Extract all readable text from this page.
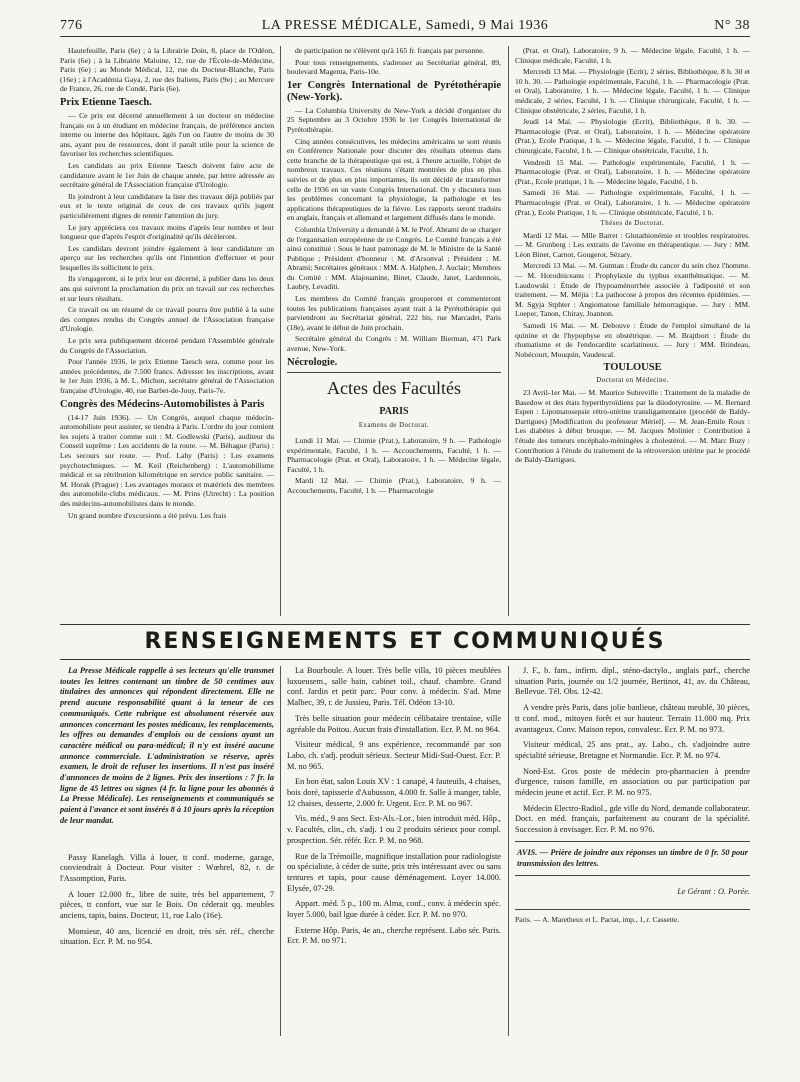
776	LA PRESSE MÉDICALE, Samedi, 9 Mai 1936	N° 38

Hautefeuille, Paris (6e) ; à la Librairie Doin, 8, place de l'Odéon, Paris (6e) ; à la Librairie Maloine, 12, rue de l'École-de-Médecine, Paris (6e) ; au Monde Médical, 12, rue du Docteur-Blanche, Paris (16e) ; à l'Académia Gaya, 2, rue des Italiens, Paris (9e) ; au Mercure de France, 26, rue de Condé, Paris (6e).

Prix Etienne Taesch.

— Ce prix est décerné annuellement à un docteur en médecine français ou à un étudiant en médecine français, de préférence ancien interne ou interne des hôpitaux, âgés l'un ou l'autre de moins de 30 ans, ayant peu de ressources, dont il paraît utile pour la science de favoriser les recherches scientifiques.

Les candidats au prix Etienne Taesch doivent faire acte de candidature avant le 1er Juin de chaque année, par lettre adressée au secrétaire général de l'Association française d'Urologie.

Ils joindront à leur candidature la liste des travaux déjà publiés par eux et le texte original de ceux de ces travaux qu'ils jugent particulièrement dignes de retenir l'attention du jury.

Le jury appréciera ces travaux moins d'après leur nombre et leur longueur que d'après l'esprit d'originalité qu'ils décèleront.

Les candidats devront joindre également à leur candidature un aperçu sur les recherches qu'ils ont l'intention d'effectuer et pour lesquelles ils sollicitent le prix.

Ils s'engageront, si le prix leur est décerné, à publier dans les deux ans qui suivront la proclamation du prix un travail sur ces recherches et sur leurs résultats.

Ce travail ou un résumé de ce travail pourra être publié à la suite des comptes rendus du Congrès annuel de l'Association française d'Urologie.

Le prix sera publiquement décerné pendant l'Assemblée générale du Congrès de l'Association.

Pour l'année 1936, le prix Etienne Taesch sera, comme pour les années précédentes, de 7.500 francs. Adresser les inscriptions, avant le 1er Juin 1936, à M. L. Michon, secrétaire général de l'Association française d'Urologie, 40, rue Barbet-de-Jouy, Paris-7e.

Congrès des Médecins-Automobilistes à Paris

(14-17 Juin 1936). — Un Congrès, auquel chaque médecin-automobiliste peut assister, se tiendra à Paris. L'ordre du jour contient les sujets à traiter comme suit : M. Godlewski (Paris), auditeur du Conseil suprême : Les accidents de la route. — M. Béhague (Paris) : Les secours sur route. — Prof. Lahy (Paris) : Les examens psychotechniques. — M. Keil (Reichenberg) : L'automobilisme médical et sa rétribution kilométrique en service public sanitaire. — M. Horak (Prague) : Les avantages moraux et matériels des membres des automobile-clubs médicaux. — M. Prins (Utrecht) : La position des médecins-automobilistes dans le monde.

Un grand nombre d'excursions a été prévu. Les frais

de participation ne s'élèvent qu'à 165 fr. français par personne.

Pour tous renseignements, s'adresser au Secrétariat général, 89, boulevard Magenta, Paris-10e.

1er Congrès International de Pyrétothérapie (New-York).

— La Columbia University de New-York a décidé d'organiser du 25 Septembre au 3 Octobre 1936 le 1er Congrès International de Pyrétothérapie.

Cinq années consécutives, les médecins américains se sont réunis en Conférence Nationale pour discuter des résultats obtenus dans cette branche de la thérapeutique qui est, à l'heure actuelle, l'objet de nombreux travaux. Ces réunions s'étant montrées de plus en plus suivies et de plus en plus importantes, ils ont décidé de transformer celle de 1936 en un vaste Congrès International. On y discutera tous les problèmes concernant la physiologie, la pathologie et les applications thérapeutiques de la fièvre. Les rapports seront traduits en anglais, français et allemand et largement diffusés dans le monde.

Columbia University a demandé à M. le Prof. Abrami de se charger de l'organisation européenne de ce Congrès. Le Comité français a été ainsi constitué : Sous le haut patronage de M. le Ministre de la Santé Publique ; Président d'honneur : M. d'Arsonval ; Président : M. Abrami; Secrétaires généraux : MM. A. Halphen, J. Auclair; Membres du Comité : MM. Alajouanine, Binet, Claude, Janet, Lardennois, Laubry, Levaditi.

Les membres du Comité français grouperont et commenteront toutes les publications françaises ayant trait à la Pyrétothérapie qui parviendront au Secrétariat général, 222 bis, rue Marcadet, Paris (18e), avant le début de Juin prochain.

Secrétaire général du Congrès : M. William Bierman, 471 Park avenue, New-York.

Nécrologie.

Actes des Facultés
PARIS
Examens de Doctorat.

Lundi 11 Mai. — Chimie (Prat.), Laboratoire, 9 h. — Pathologie expérimentale, Faculté, 1 h. — Accouchements, Faculté, 1 h. — Pharmacologie (Prat. et Oral), Laboratoire, 1 h. — Médecine légale, Faculté, 1 h.

Mardi 12 Mai. — Chimie (Prat.), Laboratoire, 9 h. — Accouchements, Faculté, 1 h. — Pharmacologie

(Prat. et Oral), Laboratoire, 9 h. — Médecine légale, Faculté, 1 h. — Clinique médicale, Faculté, 1 h.

Mercredi 13 Mai. — Physiologie (Ecrit), 2 séries, Bibliothèque, 8 h. 30 et 10 h. 30. — Pathologie expérimentale, Faculté, 1 h. — Pharmacologie (Prat. et Oral), Laboratoire, 1 h. — Médecine légale, Faculté, 1 h. — Clinique médicale, 2 séries, Faculté, 1 h. — Clinique chirurgicale, Faculté, 1 h. — Clinique obstétricale, 2 séries, Faculté, 1 h.

Jeudi 14 Mai. — Physiologie (Ecrit), Bibliothèque, 8 h. 30. — Pharmacologie (Prat. et Oral), Laboratoire, 1 h. — Médecine opératoire (Prat.), Ecole Pratique, 1 h. — Médecine légale, Faculté, 1 h. — Clinique chirurgicale, Faculté, 1 h. — Clinique obstétricale, Faculté, 1 h.

Vendredi 15 Mai. — Pathologie expérimentale, Faculté, 1 h. — Pharmacologie (Prat. et Oral), Laboratoire, 1 h. — Médecine opératoire (Prat., Ecole pratique, 1 h. — Médecine légale, Faculté, 1 h.

Samedi 16 Mai. — Pathologie expérimentale, Faculté, 1 h. — Pharmacologie (Prat. et Oral), Laboratoire, 1 h. — Médecine opératoire (Prat.), Ecole Pratique, 1 h. — Clinique obstétricale, Faculté, 1 h.

Thèses de Doctorat.

Mardi 12 Mai. — Mlle Barret : Glutathionémie et troubles respiratoires. — M. Grunberg : Les extraits de l'avoine en thérapeutique. — Jury : MM. Léon Binet, Carnot, Gougerot, Sézary.

Mercredi 13 Mai. — M. Gutman : Étude du cancer du sein chez l'homme. — M. Horodniceanu : Prophylaxie du typhus exanthématique. — M. Laudowski : Étude de l'hypoaménorrhée associée à l'adiposité et son traitement. — M. Méjia : La pathocose à propos des récentes épidémies. — M. Sgyja Stphter : Angiomatose familiale hémorragique. — Jury : MM. Loeper, Tanon, Chiray, Joannon.

Samedi 16 Mai. — M. Debouve : Étude de l'emploi simultané de la quinine et de l'hypophyse en obstétrique. — M. Brajtbort : Étude du rhumatisme et de l'endocardite scarlatineux. — Jury : MM. Brindeau, Nobécourt, Mouquin, Vaudescal.

TOULOUSE
Doctorat en Médecine.

23 Avril-1er Mai. — M. Maurice Subreville : Traitement de la maladie de Basedow et des états hyperthyroïdiens par la diiodotyrosine. — M. Bernard Espen : Lipomatosepsie rétro-utérine transligamentaire (procédé de Baldy-Dartigues) [Modification du professeur Mériel]. — M. Jean-Emile Roux : Les diabètes à début brusque. — M. Jacques Molinier : Contribution à l'étude des tumeurs encéphalo-méningées à cholestérol. — M. Marc Buzy : Contribution à l'étude du traitement de la rétroversion utérine par le procédé de Baldy-Dartigues.

RENSEIGNEMENTS ET COMMUNIQUÉS

La Presse Médicale rappelle à ses lecteurs qu'elle transmet toutes les lettres contenant un timbre de 50 centimes aux titulaires des annonces qui répondent directement. Elle ne prend aucune responsabilité quant à la teneur de ces communiqués. Cette rubrique est absolument réservée aux annonces concernant les postes médicaux, les remplacements, les offres ou demandes d'emplois ou de cessions ayant un caractère médical ou para-médical; il n'y est inséré aucune annonce commerciale. L'administration se réserve, après examen, le droit de refuser les insertions. Il n'est pas inséré d'annonces de moins de 2 lignes. Prix des insertions : 7 fr. la ligne de 45 lettres ou signes (4 fr. la ligne pour les abonnés à La Presse Médicale). Les renseignements et communiqués se paient à l'avance et sont insérés 8 à 10 jours après la réception de leur mandat.

Passy Ranelagh. Villa à louer, tt conf. moderne, garage, conviendrait à Docteur. Pour visiter : Wœhrel, 82, r. de l'Assomption, Paris.

A louer 12.000 fr., libre de suite, très bel appartement, 7 pièces, tt confort, vue sur le Bois. On céderait qq. meubles anciens, tapis, bains. Docteur, 11, rue Lalo (16e).

Monsieur, 40 ans, licencié en droit, très sér. réf., cherche situation. Ecr. P. M. no 954.

La Bourboule. A louer. Très belle villa, 10 pièces meublées luxueusem., salle bain, cabinet toil., chauf. chambre. Grand conf. Jardin et petit parc. Pour conv. à médecin. S'ad. Mme Malbec, 39, r. de Jussieu, Paris. Tél. Odéon 13-10.

Très belle situation pour médecin célibataire trentaine, ville agréable du Poitou. Aucun frais d'installation. Ecr. P. M. no 964.

Visiteur médical, 9 ans expérience, recommandé par son Labo, ch. s'adj. produit sérieux. Secteur Midi-Sud-Ouest. Ecr. P. M. no 965.

En bon état, salon Louis XV : 1 canapé, 4 fauteuils, 4 chaises, bois doré, tapisserie d'Aubusson, 4.000 fr. Salle à manger, table, 12 chaises, desserte, 2.000 fr. Urgent. Ecr. P. M. no 967.

Vis. méd., 9 ans Sect. Est-Als.-Lor., bien introduit méd. Hôp., v. Facultés, clin., ch. s'adj. 1 ou 2 produits sérieux pour compl. prospection. Sér. référ. Ecr. P. M. no 968.

Rue de la Trémoille, magnifique installation pour radiologiste ou spécialiste, à céder de suite, prix très intéressant avec ou sans tentures et tapis, pour cause déménagement. Loyer 14.000. Elysée, 07-29.

Appart. méd. 5 p., 100 m. Alma, conf., conv. à médecin spéc. loyer 5.000, bail lgue durée à céder. Ecr. P. M. no 970.

Externe Hôp. Paris, 4e an., cherche représent. Labo sér. Paris. Ecr. P. M. no 971.

J. F., b. fam., infirm. dipl., sténo-dactylo., anglais parf., cherche situation Paris, journée ou 1/2 journée, Bertinot, 41, av. du Château, Bellevue. Tél. Obs. 12-42.

A vendre près Paris, dans jolie banlieue, château meublé, 30 pièces, tt conf. mod., mitoyen forêt et sur hauteur. Terrain 11.000 mq. Prix avantageux. Conv. Maison repos, convalesc. Ecr. P. M. no 973.

Visiteur médical, 25 ans prat., ay. Labo., ch. s'adjoindre autre spécialité sérieuse, Bretagne et Normandie. Ecr. P. M. no 974.

Nord-Est. Gros poste de médecin pro-pharmacien à prendre d'urgence, raison famille, en association ou par participation par médecin jeune et actif. Ecr. P. M. no 975.

Médecin Electro-Radiol., gde ville du Nord, demande collaborateur. Doct. en méd. français, parfaitement au courant de la spécialité. Succession à envisager. Ecr. P. M. no 976.

AVIS. — Prière de joindre aux réponses un timbre de 0 fr. 50 pour transmission des lettres.

Le Gérant : O. Porée.

Paris. — A. Maretheux et L. Pactat, imp., 1, r. Cassette.
